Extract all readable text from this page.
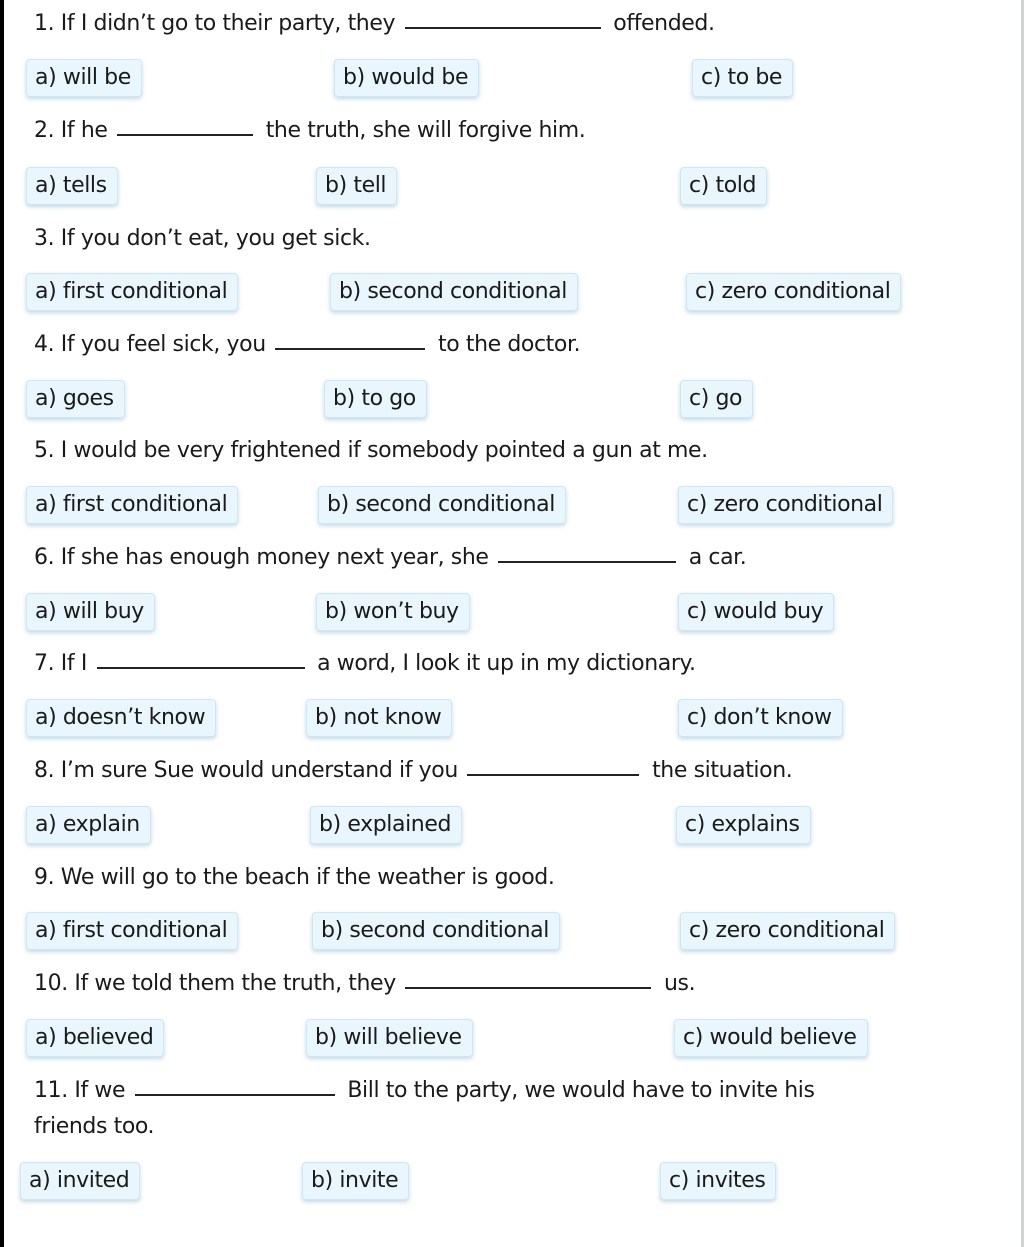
1. If I didn’t go to their party, they	offended.
a) will be	b) would be	c) to be
2. If he	the truth, she will forgive him.
a) tells	b) tell	c) told
3. If you don’t eat, you get sick.
a) first conditional	b) second conditional	c) zero conditional
4. If you feel sick, you	to the doctor.
a) goes	b) to go	c) go
5. I would be very frightened if somebody pointed a gun at me.
a) first conditional	b) second conditional	c) zero conditional
6. If she has enough money next year, she	a car.
a) will buy	b) won’t buy	c) would buy
7. If I	a word, I look it up in my dictionary.
a) doesn’t know	b) not know	c) don’t know
8. I’m sure Sue would understand if you	the situation.
a) explain	b) explained	c) explains
9. We will go to the beach if the weather is good.
a) first conditional	b) second conditional	c) zero conditional
10. If we told them the truth, they	us.
a) believed	b) will believe	c) would believe
11. If we	Bill to the party, we would have to invite his friends too.
a) invited	b) invite	c) invites
